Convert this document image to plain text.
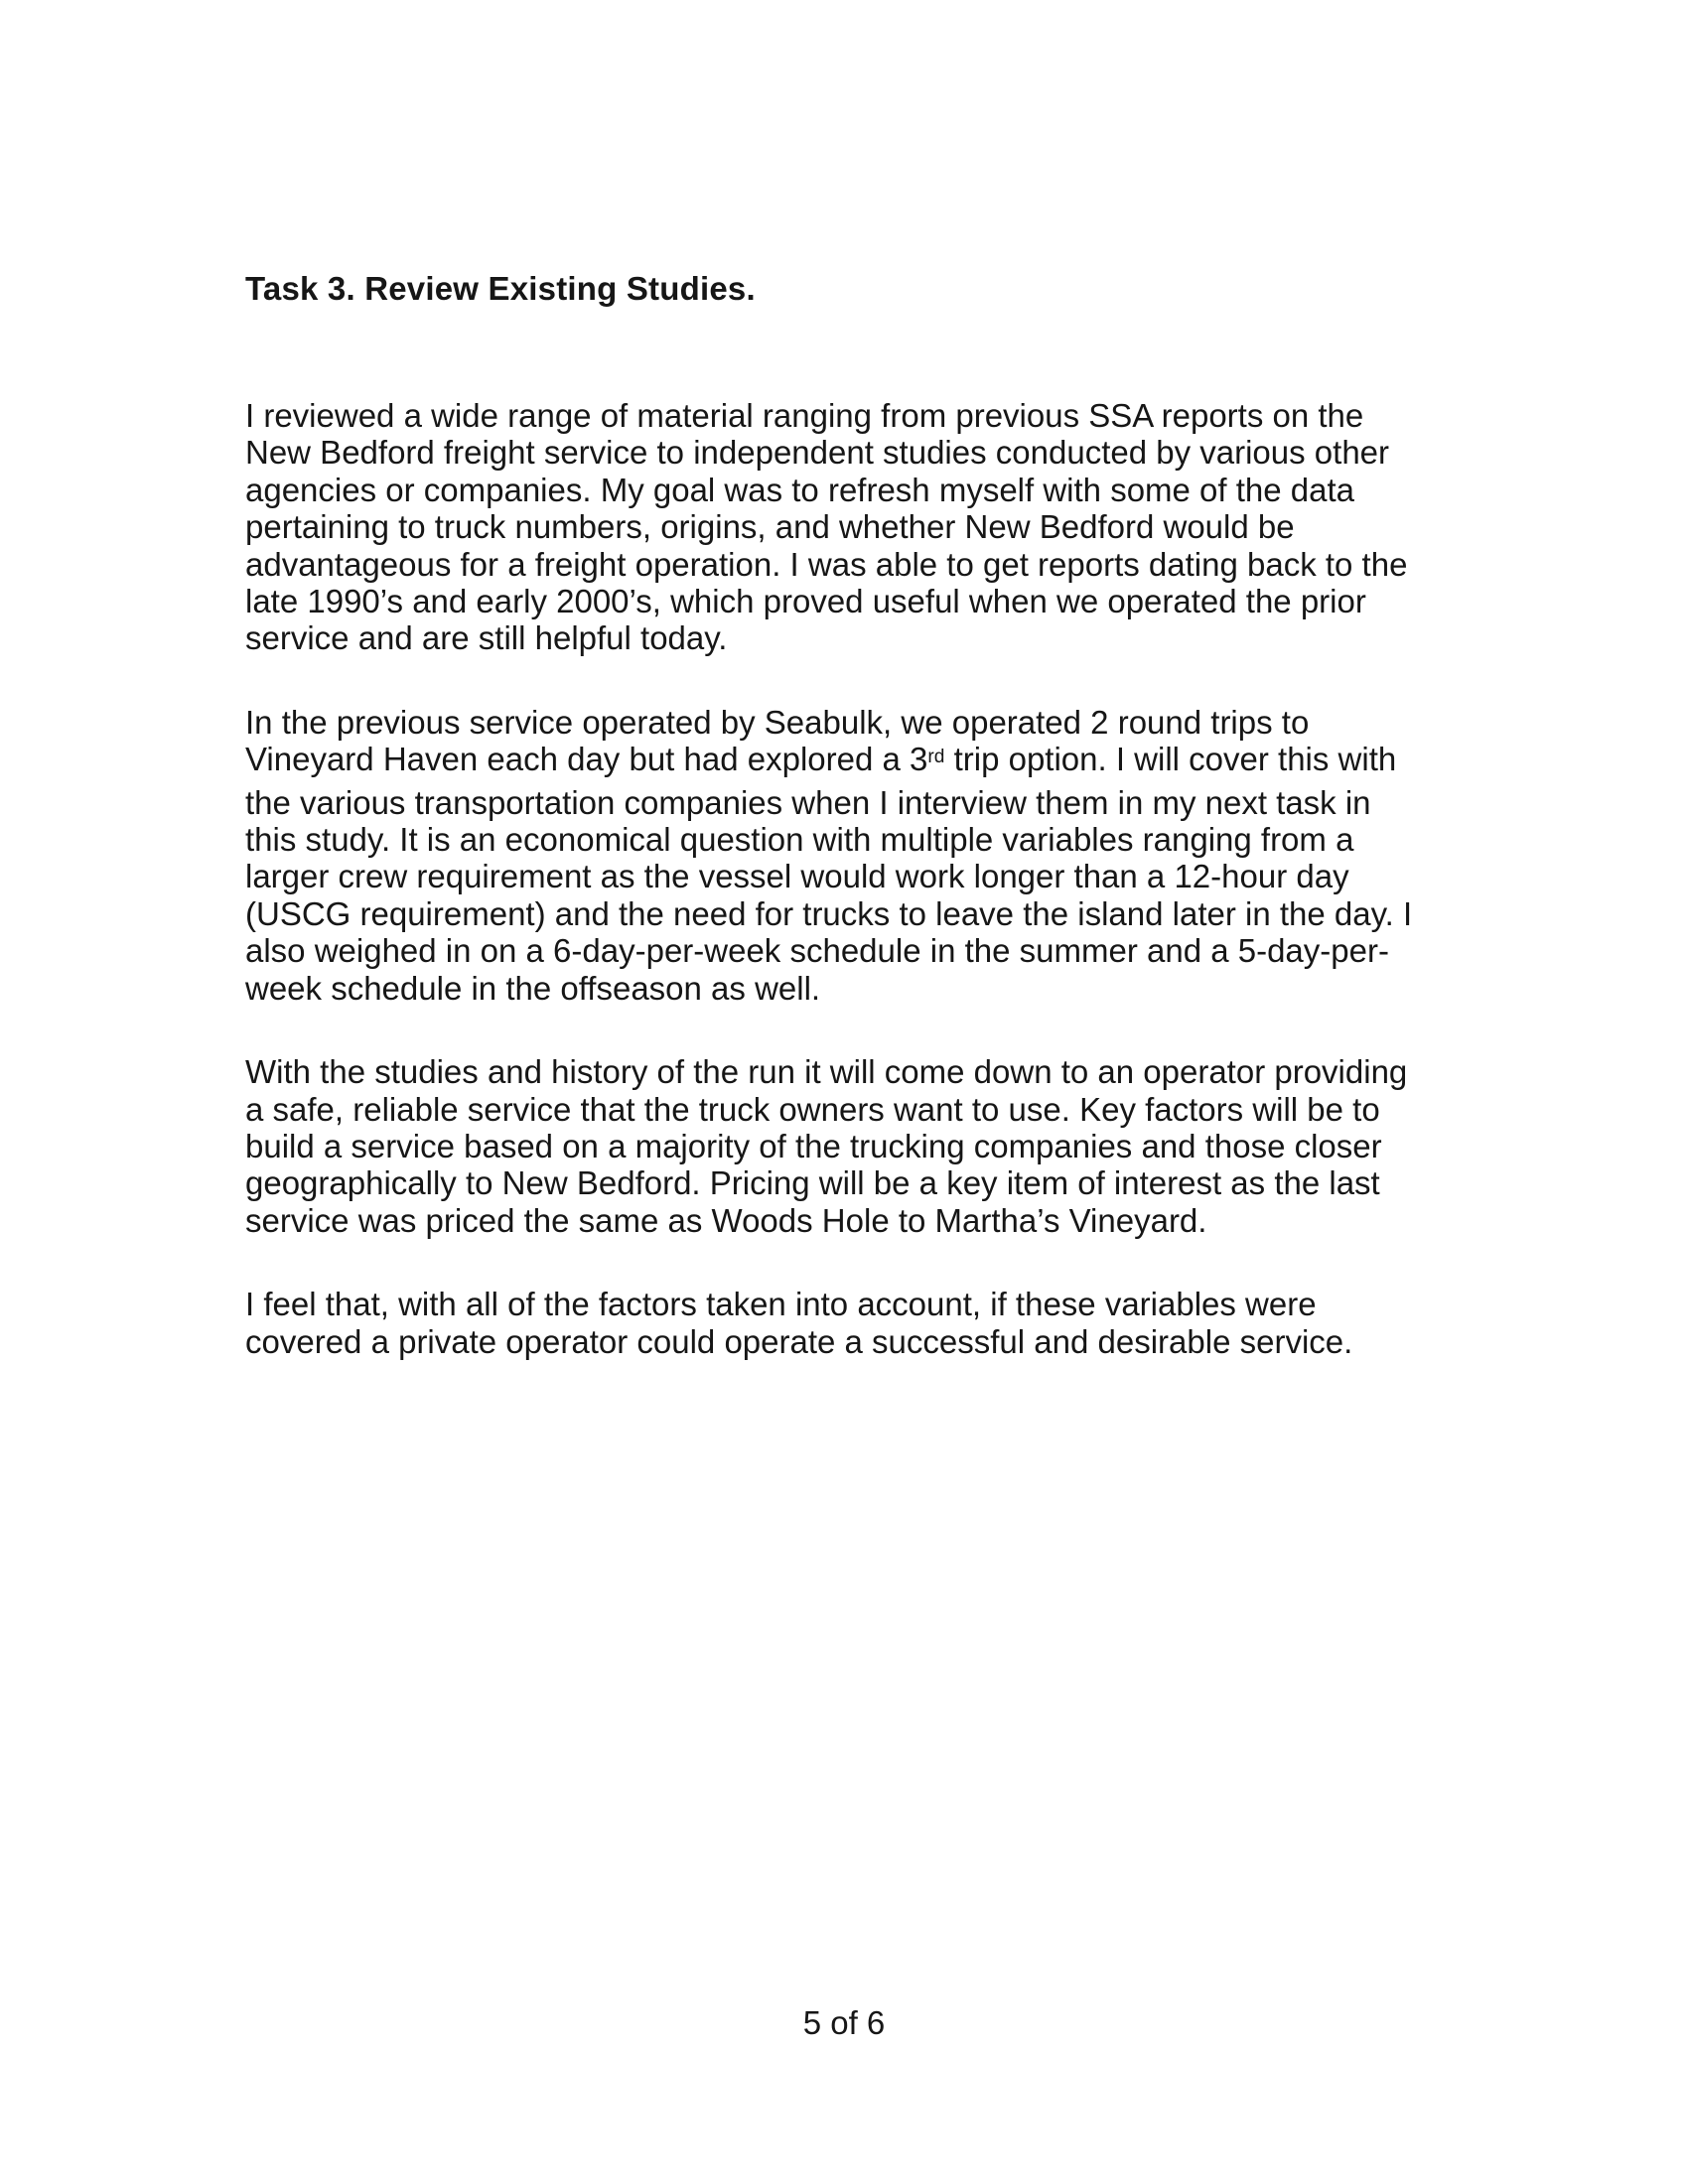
Task 3. Review Existing Studies.

I reviewed a wide range of material ranging from previous SSA reports on the
New Bedford freight service to independent studies conducted by various other
agencies or companies. My goal was to refresh myself with some of the data
pertaining to truck numbers, origins, and whether New Bedford would be
advantageous for a freight operation. I was able to get reports dating back to the
late 1990’s and early 2000’s, which proved useful when we operated the prior
service and are still helpful today.

In the previous service operated by Seabulk, we operated 2 round trips to
Vineyard Haven each day but had explored a 3rd trip option. I will cover this with
the various transportation companies when I interview them in my next task in
this study. It is an economical question with multiple variables ranging from a
larger crew requirement as the vessel would work longer than a 12-hour day
(USCG requirement) and the need for trucks to leave the island later in the day. I
also weighed in on a 6-day-per-week schedule in the summer and a 5-day-per-
week schedule in the offseason as well.

With the studies and history of the run it will come down to an operator providing
a safe, reliable service that the truck owners want to use. Key factors will be to
build a service based on a majority of the trucking companies and those closer
geographically to New Bedford. Pricing will be a key item of interest as the last
service was priced the same as Woods Hole to Martha’s Vineyard.

I feel that, with all of the factors taken into account, if these variables were
covered a private operator could operate a successful and desirable service.

5 of 6
